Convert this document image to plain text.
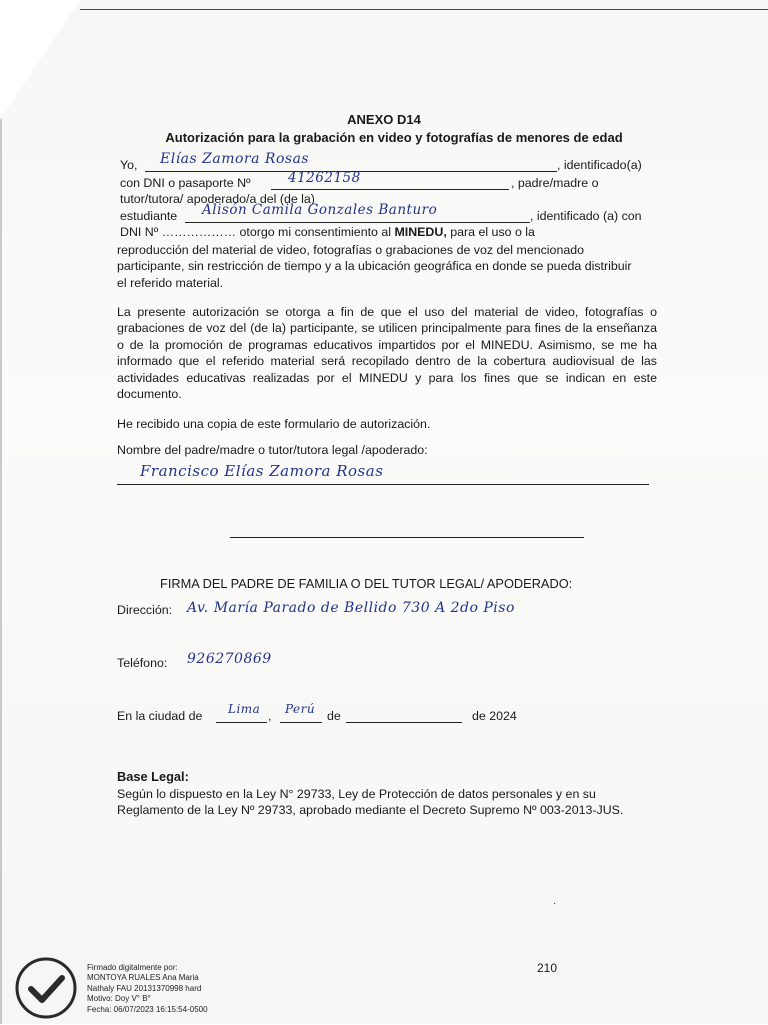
ANEXO D14
Autorización para la grabación en video y fotografías de menores de edad
Yo, Elías Zamora Rosas	, identificado(a)
con DNI o pasaporte Nº	41262158	, padre/madre o
tutor/tutora/ apoderado/a del (de la)
estudiante Alisón Camila Gonzales Banturo	, identificado (a) con
DNI Nº ……………… otorgo mi consentimiento al MINEDU, para el uso o la
reproducción del material de video, fotografías o grabaciones de voz del mencionado participante, sin restricción de tiempo y a la ubicación geográfica en donde se pueda distribuir el referido material.
La presente autorización se otorga a fin de que el uso del material de video, fotografías o grabaciones de voz del (de la) participante, se utilicen principalmente para fines de la enseñanza o de la promoción de programas educativos impartidos por el MINEDU. Asimismo, se me ha informado que el referido material será recopilado dentro de la cobertura audiovisual de las actividades educativas realizadas por el MINEDU y para los fines que se indican en este documento.
He recibido una copia de este formulario de autorización.
Nombre del padre/madre o tutor/tutora legal /apoderado:
Francisco Elías Zamora Rosas
FIRMA DEL PADRE DE FAMILIA O DEL TUTOR LEGAL/ APODERADO:
Dirección: Av. María Parado de Bellido 730 A 2do Piso
Teléfono: 926270869
En la ciudad de Lima , Perú de	de 2024
Base Legal:
Según lo dispuesto en la Ley N° 29733, Ley de Protección de datos personales y en su Reglamento de la Ley Nº 29733, aprobado mediante el Decreto Supremo Nº 003-2013-JUS.
·
210
Firmado digitalmente por:
MONTOYA RUALES Ana Maria
Nathaly FAU 20131370998 hard
Motivo: Doy V° B°
Fecha: 06/07/2023 16:15:54-0500
